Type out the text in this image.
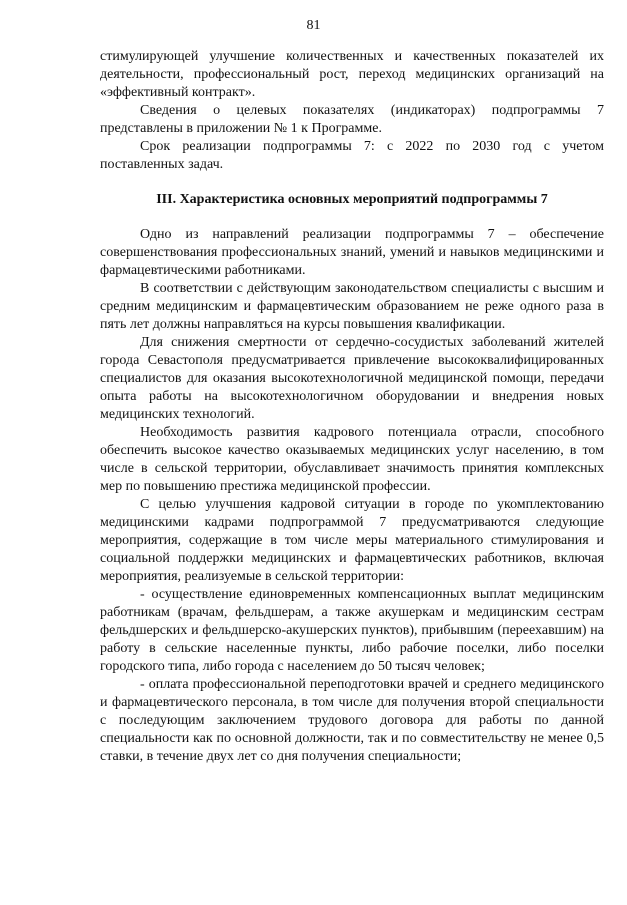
81

стимулирующей улучшение количественных и качественных показателей их деятельности, профессиональный рост, переход медицинских организаций на «эффективный контракт».

Сведения о целевых показателях (индикаторах) подпрограммы 7 представлены в приложении № 1 к Программе.

Срок реализации подпрограммы 7: с 2022 по 2030 год с учетом поставленных задач.

III. Характеристика основных мероприятий подпрограммы 7

Одно из направлений реализации подпрограммы 7 – обеспечение совершенствования профессиональных знаний, умений и навыков медицинскими и фармацевтическими работниками.

В соответствии с действующим законодательством специалисты с высшим и средним медицинским и фармацевтическим образованием не реже одного раза в пять лет должны направляться на курсы повышения квалификации.

Для снижения смертности от сердечно-сосудистых заболеваний жителей города Севастополя предусматривается привлечение высококвалифицированных специалистов для оказания высокотехнологичной медицинской помощи, передачи опыта работы на высокотехнологичном оборудовании и внедрения новых медицинских технологий.

Необходимость развития кадрового потенциала отрасли, способного обеспечить высокое качество оказываемых медицинских услуг населению, в том числе в сельской территории, обуславливает значимость принятия комплексных мер по повышению престижа медицинской профессии.

С целью улучшения кадровой ситуации в городе по укомплектованию медицинскими кадрами подпрограммой 7 предусматриваются следующие мероприятия, содержащие в том числе меры материального стимулирования и социальной поддержки медицинских и фармацевтических работников, включая мероприятия, реализуемые в сельской территории:

- осуществление единовременных компенсационных выплат медицинским работникам (врачам, фельдшерам, а также акушеркам и медицинским сестрам фельдшерских и фельдшерско-акушерских пунктов), прибывшим (переехавшим) на работу в сельские населенные пункты, либо рабочие поселки, либо поселки городского типа, либо города с населением до 50 тысяч человек;

- оплата профессиональной переподготовки врачей и среднего медицинского и фармацевтического персонала, в том числе для получения второй специальности с последующим заключением трудового договора для работы по данной специальности как по основной должности, так и по совместительству не менее 0,5 ставки, в течение двух лет со дня получения специальности;
